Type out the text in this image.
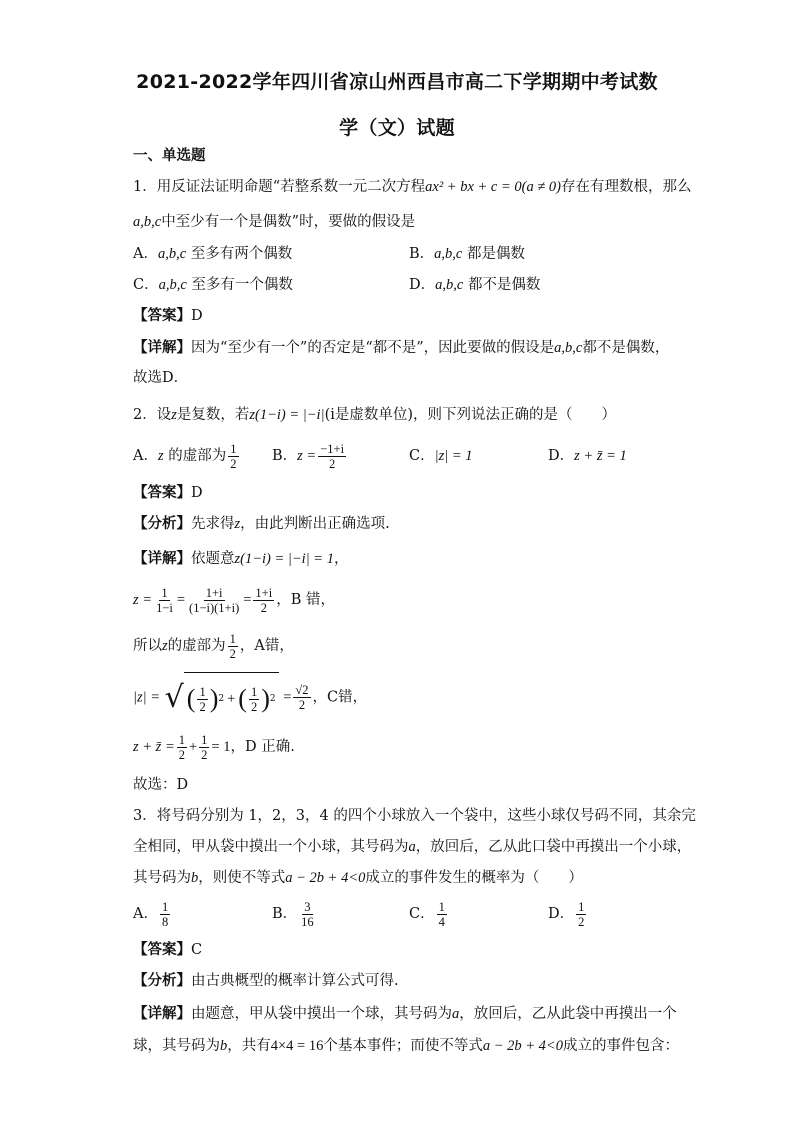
2021-2022学年四川省凉山州西昌市高二下学期期中考试数
学（文）试题
一、单选题
1．用反证法证明命题“若整系数一元二次方程ax² + bx + c = 0(a ≠ 0)存在有理数根，那么
a,b,c中至少有一个是偶数”时，要做的假设是
A．a,b,c 至多有两个偶数	B．a,b,c 都是偶数
C．a,b,c 至多有一个偶数	D．a,b,c 都不是偶数
【答案】D
【详解】因为“至少有一个”的否定是“都不是”，因此要做的假设是a,b,c都不是偶数，
故选D．
2．设z是复数，若z(1−i) = |−i|(i是虚数单位)，则下列说法正确的是（　　）
A．z 的虚部为 $\frac{1}{2}$ B．$z = \frac{-1+i}{2}$	C．|z| = 1	D．z + z̄ = 1
【答案】D
【分析】先求得z，由此判断出正确选项.
【详解】依题意z(1−i) = |−i| = 1，
$z = \frac{1}{1-i} = \frac{1+i}{(1-i)(1+i)} = \frac{1+i}{2}$ ，B 错，
所以z的虚部为 $\frac{1}{2}$ ，A错，
|z| = √ ( $\frac{1}{2}$ ) 2 + ( $\frac{1}{2}$ ) $2 = \frac{√2}{2}$ ，C错，
z + z̄ = $\frac{1}{2} + \frac{1}{2} = 1$，D 正确.
故选：D
3．将号码分别为 1，2，3，4 的四个小球放入一个袋中，这些小球仅号码不同，其余完
全相同，甲从袋中摸出一个小球，其号码为a，放回后，乙从此口袋中再摸出一个小球，
其号码为b，则使不等式a − 2b + 4<0成立的事件发生的概率为（　　）
A． $\frac{1}{8}$	B． $\frac{3}{16}$	C． $\frac{1}{4}$	D． $\frac{1}{2}$
【答案】C
【分析】由古典概型的概率计算公式可得.
【详解】由题意，甲从袋中摸出一个球，其号码为a，放回后，乙从此袋中再摸出一个
球，其号码为b，共有4×4 = 16个基本事件；而使不等式a − 2b + 4<0成立的事件包含：
